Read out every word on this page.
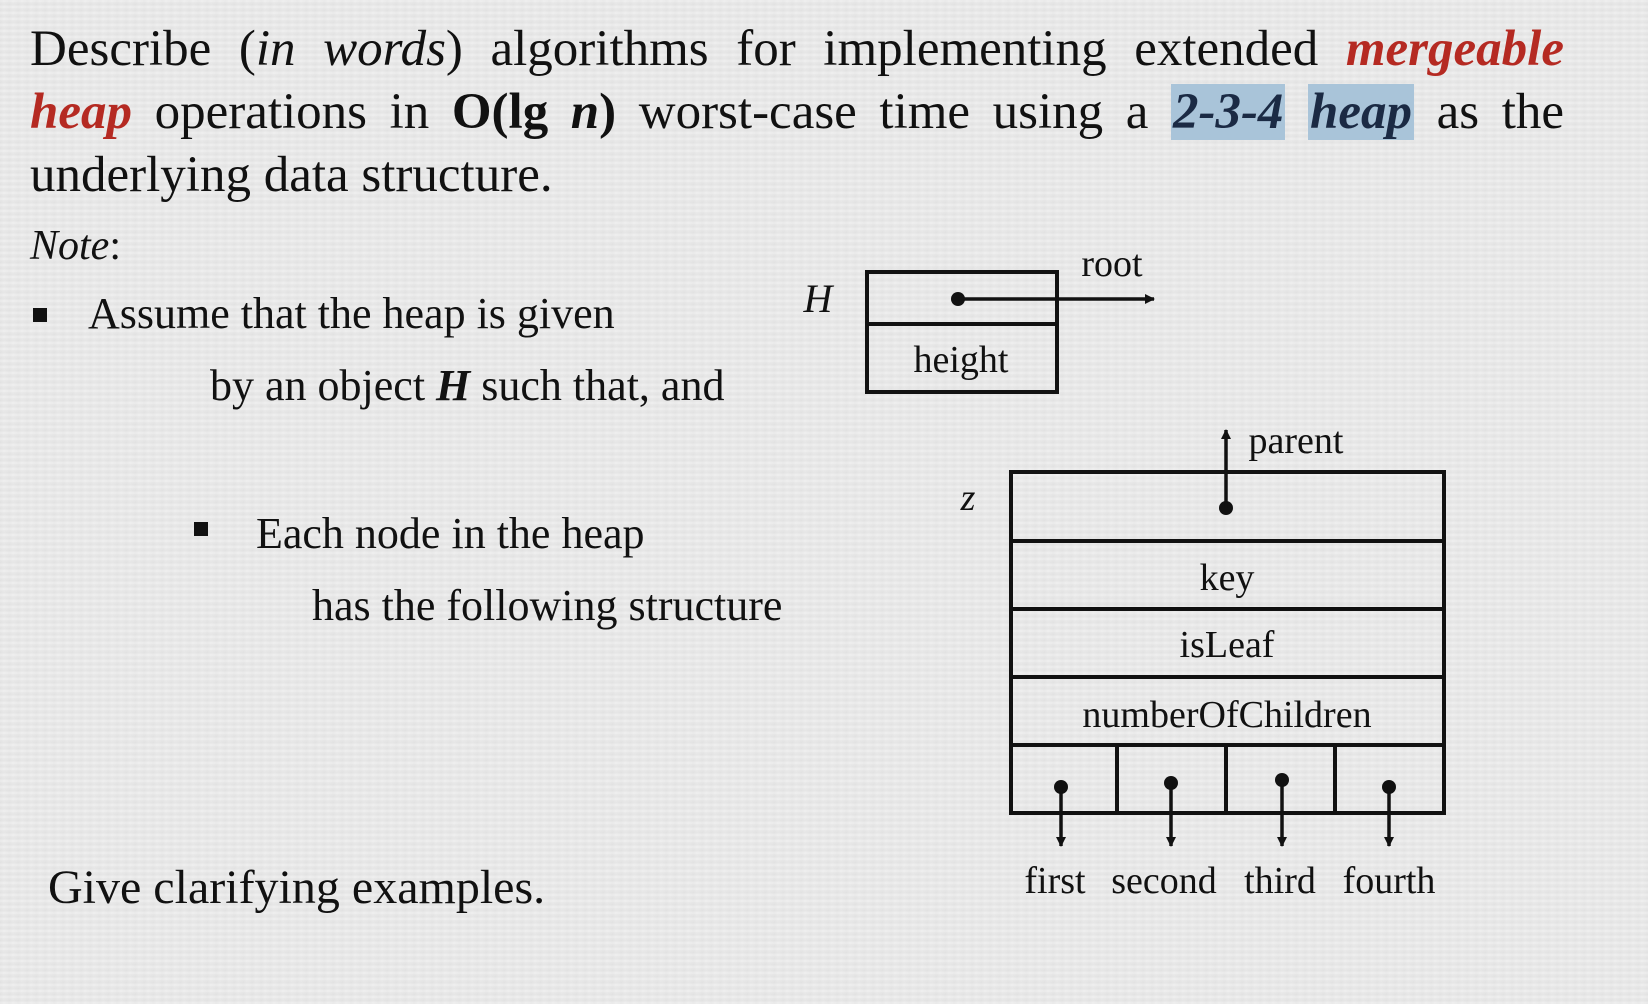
Describe (in words) algorithms for implementing extended mergeable heap operations in O(lg n) worst-case time using a 2-3-4 heap as the underlying data structure.
Note:
Assume that the heap is given
by an object H such that, and
Each node in the heap
has the following structure
Give clarifying examples.
H
root
height
z
parent
key
isLeaf
numberOfChildren
first second third fourth
